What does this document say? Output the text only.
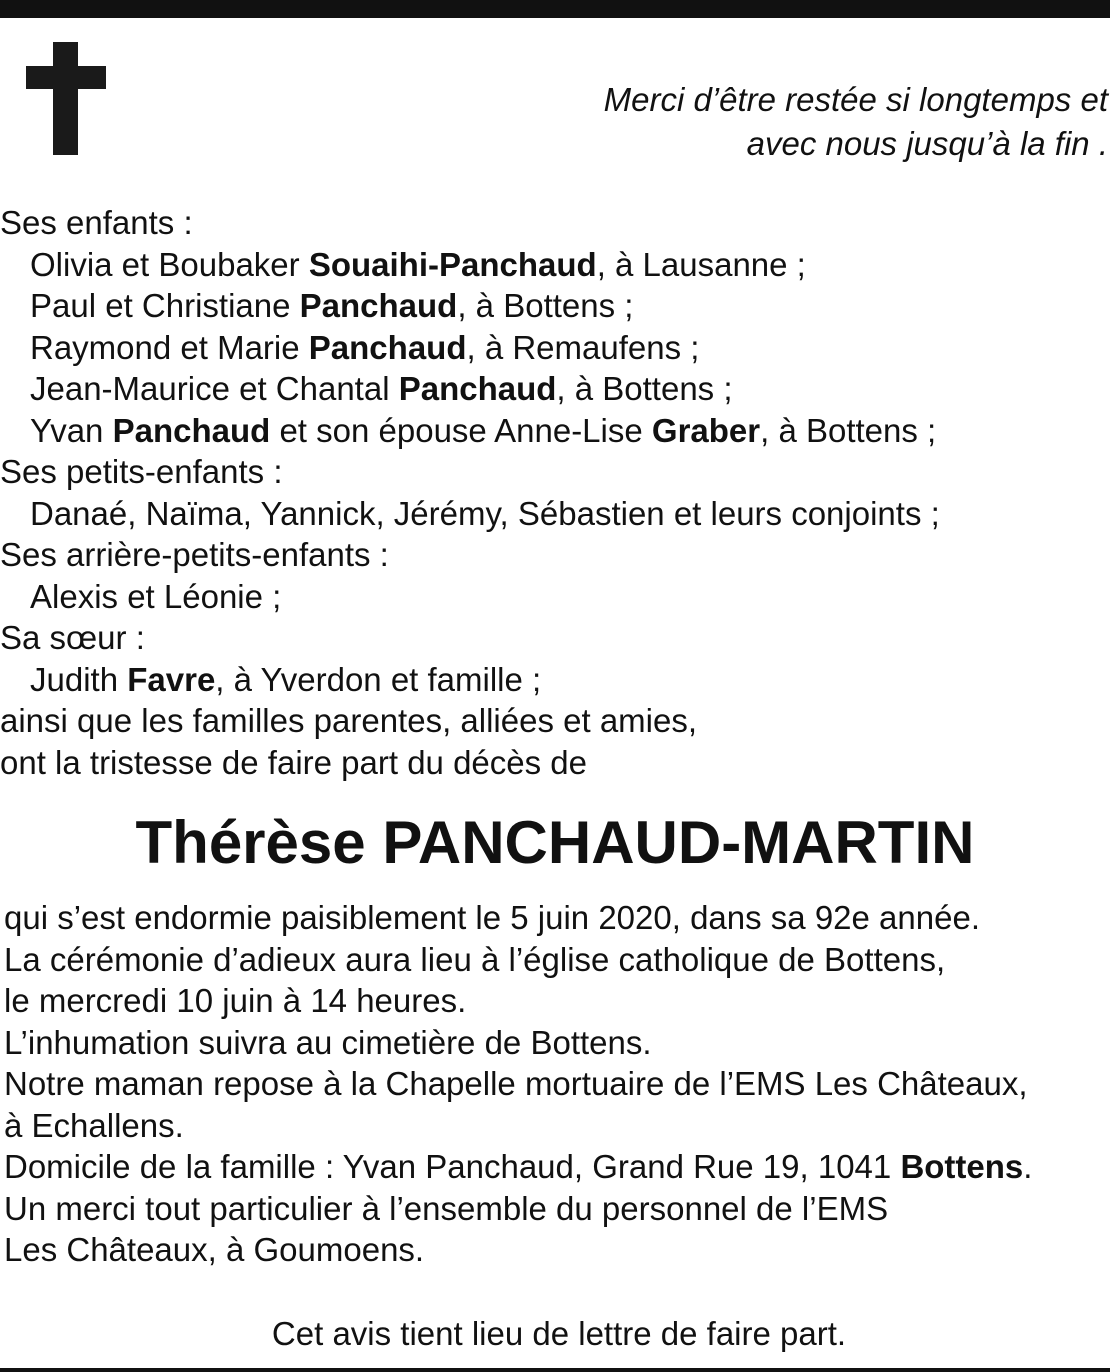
Merci d’être restée si longtemps et
avec nous jusqu’à la fin .
Ses enfants :
Olivia et Boubaker Souaihi-Panchaud, à Lausanne ;
Paul et Christiane Panchaud, à Bottens ;
Raymond et Marie Panchaud, à Remaufens ;
Jean-Maurice et Chantal Panchaud, à Bottens ;
Yvan Panchaud et son épouse Anne-Lise Graber, à Bottens ;
Ses petits-enfants :
Danaé, Naïma, Yannick, Jérémy, Sébastien et leurs conjoints ;
Ses arrière-petits-enfants :
Alexis et Léonie ;
Sa sœur :
Judith Favre, à Yverdon et famille ;
ainsi que les familles parentes, alliées et amies,
ont la tristesse de faire part du décès de
Thérèse PANCHAUD-MARTIN
qui s’est endormie paisiblement le 5 juin 2020, dans sa 92e année.
La cérémonie d’adieux aura lieu à l’église catholique de Bottens,
le mercredi 10 juin à 14 heures.
L’inhumation suivra au cimetière de Bottens.
Notre maman repose à la Chapelle mortuaire de l’EMS Les Châteaux,
à Echallens.
Domicile de la famille : Yvan Panchaud, Grand Rue 19, 1041 Bottens.
Un merci tout particulier à l’ensemble du personnel de l’EMS
Les Châteaux, à Goumoens.
Cet avis tient lieu de lettre de faire part.
